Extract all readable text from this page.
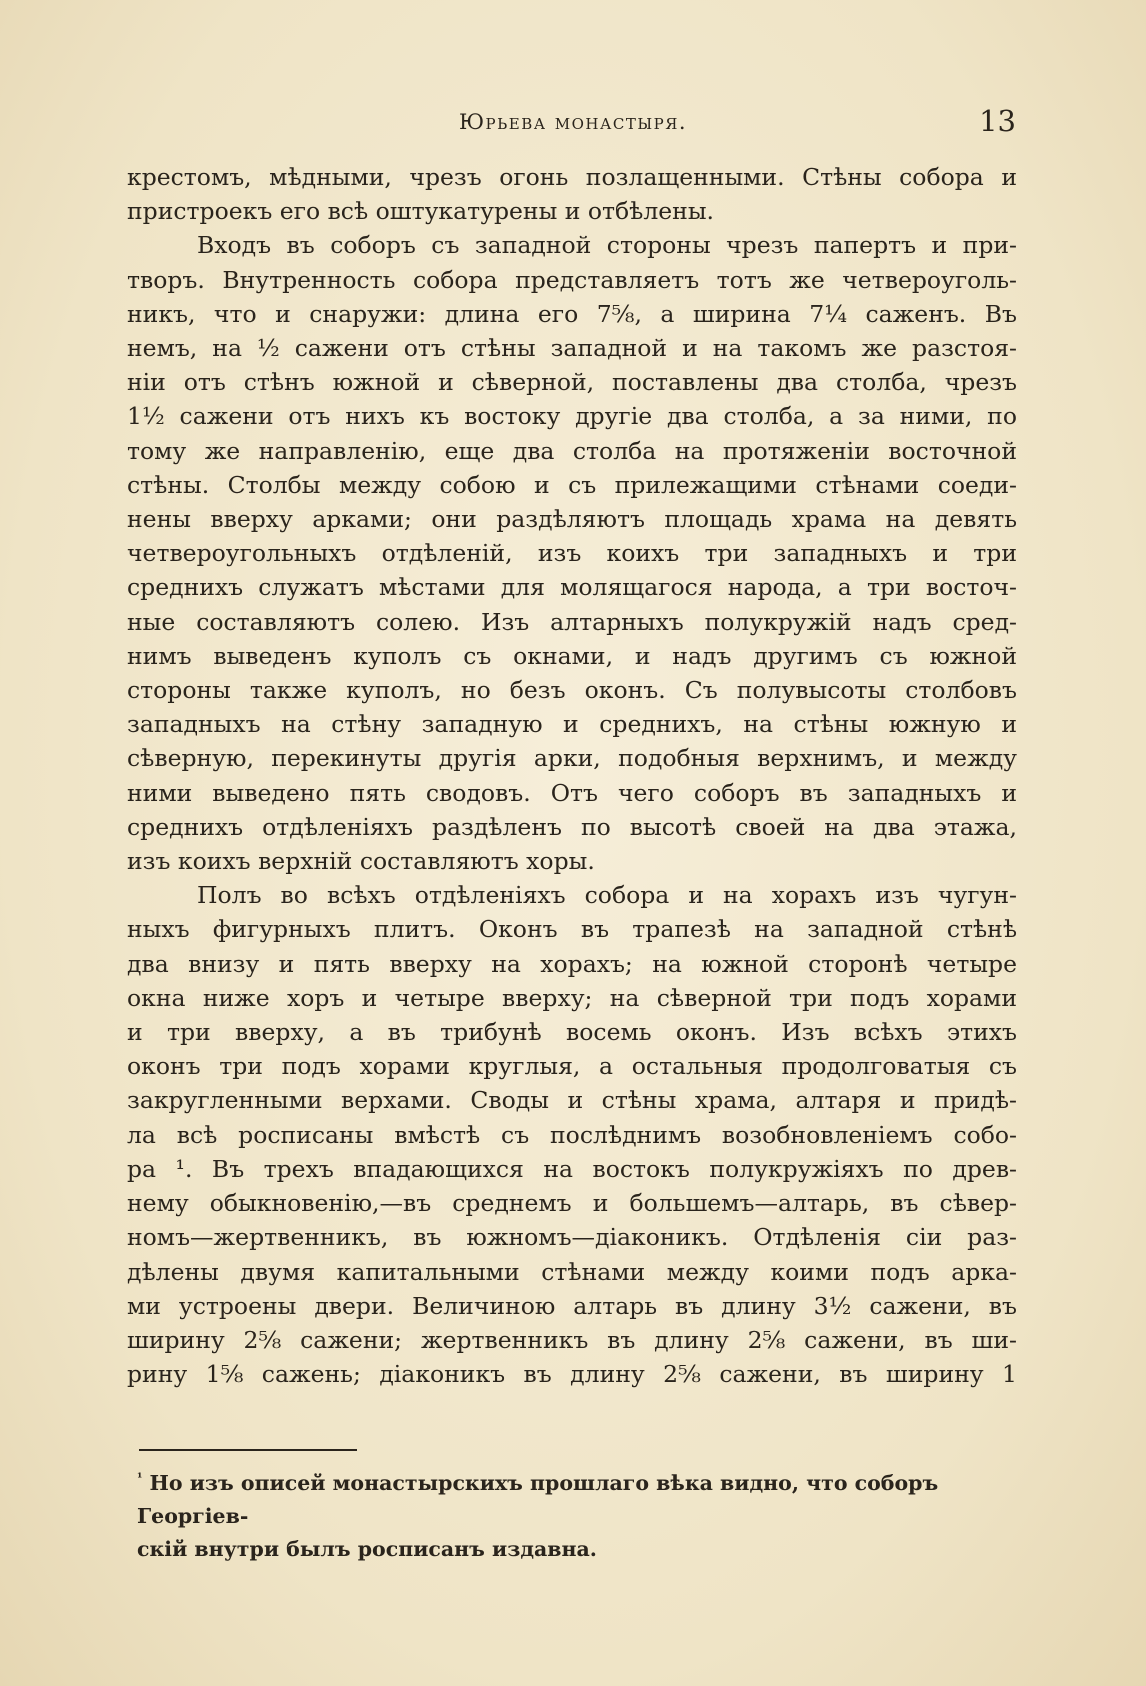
Юрьева монастыря.	13

крестомъ, мѣдными, чрезъ огонь позлащенными. Стѣны собора и
пристроекъ его всѣ оштукатурены и отбѣлены.

Входъ въ соборъ съ западной стороны чрезъ папертъ и при-
творъ. Внутренность собора представляетъ тотъ же четвероуголь-
никъ, что и снаружи: длина его 7⅝, а ширина 7¼ саженъ. Въ
немъ, на ½ сажени отъ стѣны западной и на такомъ же разстоя-
ніи отъ стѣнъ южной и сѣверной, поставлены два столба, чрезъ
1½ сажени отъ нихъ къ востоку другіе два столба, а за ними, по
тому же направленію, еще два столба на протяженіи восточной
стѣны. Столбы между собою и съ прилежащими стѣнами соеди-
нены вверху арками; они раздѣляютъ площадь храма на девять
четвероугольныхъ отдѣленій, изъ коихъ три западныхъ и три
среднихъ служатъ мѣстами для молящагося народа, а три восточ-
ные составляютъ солею. Изъ алтарныхъ полукружій надъ сред-
нимъ выведенъ куполъ съ окнами, и надъ другимъ съ южной
стороны также куполъ, но безъ оконъ. Съ полувысоты столбовъ
западныхъ на стѣну западную и среднихъ, на стѣны южную и
сѣверную, перекинуты другія арки, подобныя верхнимъ, и между
ними выведено пять сводовъ. Отъ чего соборъ въ западныхъ и
среднихъ отдѣленіяхъ раздѣленъ по высотѣ своей на два этажа,
изъ коихъ верхній составляютъ хоры.

Полъ во всѣхъ отдѣленіяхъ собора и на хорахъ изъ чугун-
ныхъ фигурныхъ плитъ. Оконъ въ трапезѣ на западной стѣнѣ
два внизу и пять вверху на хорахъ; на южной сторонѣ четыре
окна ниже хоръ и четыре вверху; на сѣверной три подъ хорами
и три вверху, а въ трибунѣ восемь оконъ. Изъ всѣхъ этихъ
оконъ три подъ хорами круглыя, а остальныя продолговатыя съ
закругленными верхами. Своды и стѣны храма, алтаря и придѣ-
ла всѣ росписаны вмѣстѣ съ послѣднимъ возобновленіемъ собо-
ра ¹. Въ трехъ впадающихся на востокъ полукружіяхъ по древ-
нему обыкновенію,—въ среднемъ и большемъ—алтарь, въ сѣвер-
номъ—жертвенникъ, въ южномъ—діаконикъ. Отдѣленія сіи раз-
дѣлены двумя капитальными стѣнами между коими подъ арка-
ми устроены двери. Величиною алтарь въ длину 3½ сажени, въ
ширину 2⅝ сажени; жертвенникъ въ длину 2⅝ сажени, въ ши-
рину 1⅝ сажень; діаконикъ въ длину 2⅝ сажени, въ ширину 1

$^{^1}$ Но изъ описей монастырскихъ прошлаго вѣка видно, что соборъ Георгіев-
скій внутри былъ росписанъ издавна.
